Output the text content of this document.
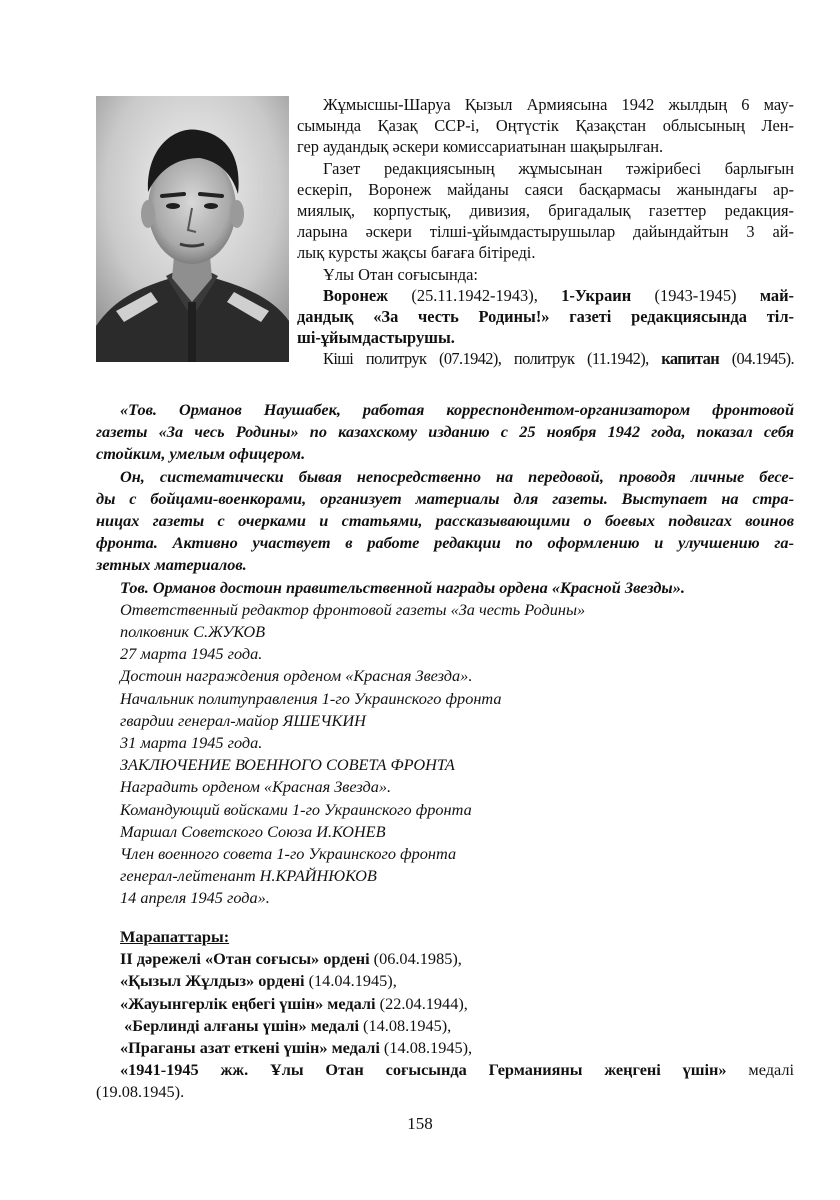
Жұмысшы-Шаруа Қызыл Армиясына 1942 жылдың 6 мау-
сымында Қазақ ССР-і, Оңтүстік Қазақстан облысының Лен-
гер аудандық әскери комиссариатынан шақырылған.
Газет редакциясының жұмысынан тәжірибесі барлығын
ескеріп, Воронеж майданы саяси басқармасы жанындағы ар-
миялық, корпустық, дивизия, бригадалық газеттер редакция-
ларына әскери тілші-ұйымдастырушылар дайындайтын 3 ай-
лық курсты жақсы бағаға бітіреді.
Ұлы Отан соғысында:
Воронеж (25.11.1942-1943), 1-Украин (1943-1945) май-
дандық «За честь Родины!» газеті редакциясында тіл-
ші-ұйымдастырушы.
Кіші политрук (07.1942), политрук (11.1942), капитан (04.1945).
«Тов. Орманов Наушабек, работая корреспондентом-организатором фронтовой
газеты «За чесь Родины» по казахскому изданию с 25 ноября 1942 года, показал себя
стойким, умелым офицером.
Он, систематически бывая непосредственно на передовой, проводя личные бесе-
ды с бойцами-военкорами, организует материалы для газеты. Выступает на стра-
ницах газеты с очерками и статьями, рассказывающими о боевых подвигах воинов
фронта. Активно участвует в работе редакции по оформлению и улучшению га-
зетных материалов.
Тов. Орманов достоин правительственной награды ордена «Красной Звезды».
Ответственный редактор фронтовой газеты «За честь Родины»
полковник С.ЖУКОВ
27 марта 1945 года.
Достоин награждения орденом «Красная Звезда».
Начальник политуправления 1-го Украинского фронта
гвардии генерал-майор ЯШЕЧКИН
31 марта 1945 года.
ЗАКЛЮЧЕНИЕ ВОЕННОГО СОВЕТА ФРОНТА
Наградить орденом «Красная Звезда».
Командующий войсками 1-го Украинского фронта
Маршал Советского Союза И.КОНЕВ
Член военного совета 1-го Украинского фронта
генерал-лейтенант Н.КРАЙНЮКОВ
14 апреля 1945 года».
Марапаттары:
II дәрежелі «Отан соғысы» ордені (06.04.1985),
«Қызыл Жұлдыз» ордені (14.04.1945),
«Жауынгерлік еңбегі үшін» медалі (22.04.1944),
«Берлинді алғаны үшін» медалі (14.08.1945),
«Праганы азат еткені үшін» медалі (14.08.1945),
«1941-1945 жж. Ұлы Отан соғысында Германияны жеңгені үшін» медалі
(19.08.1945).
158
